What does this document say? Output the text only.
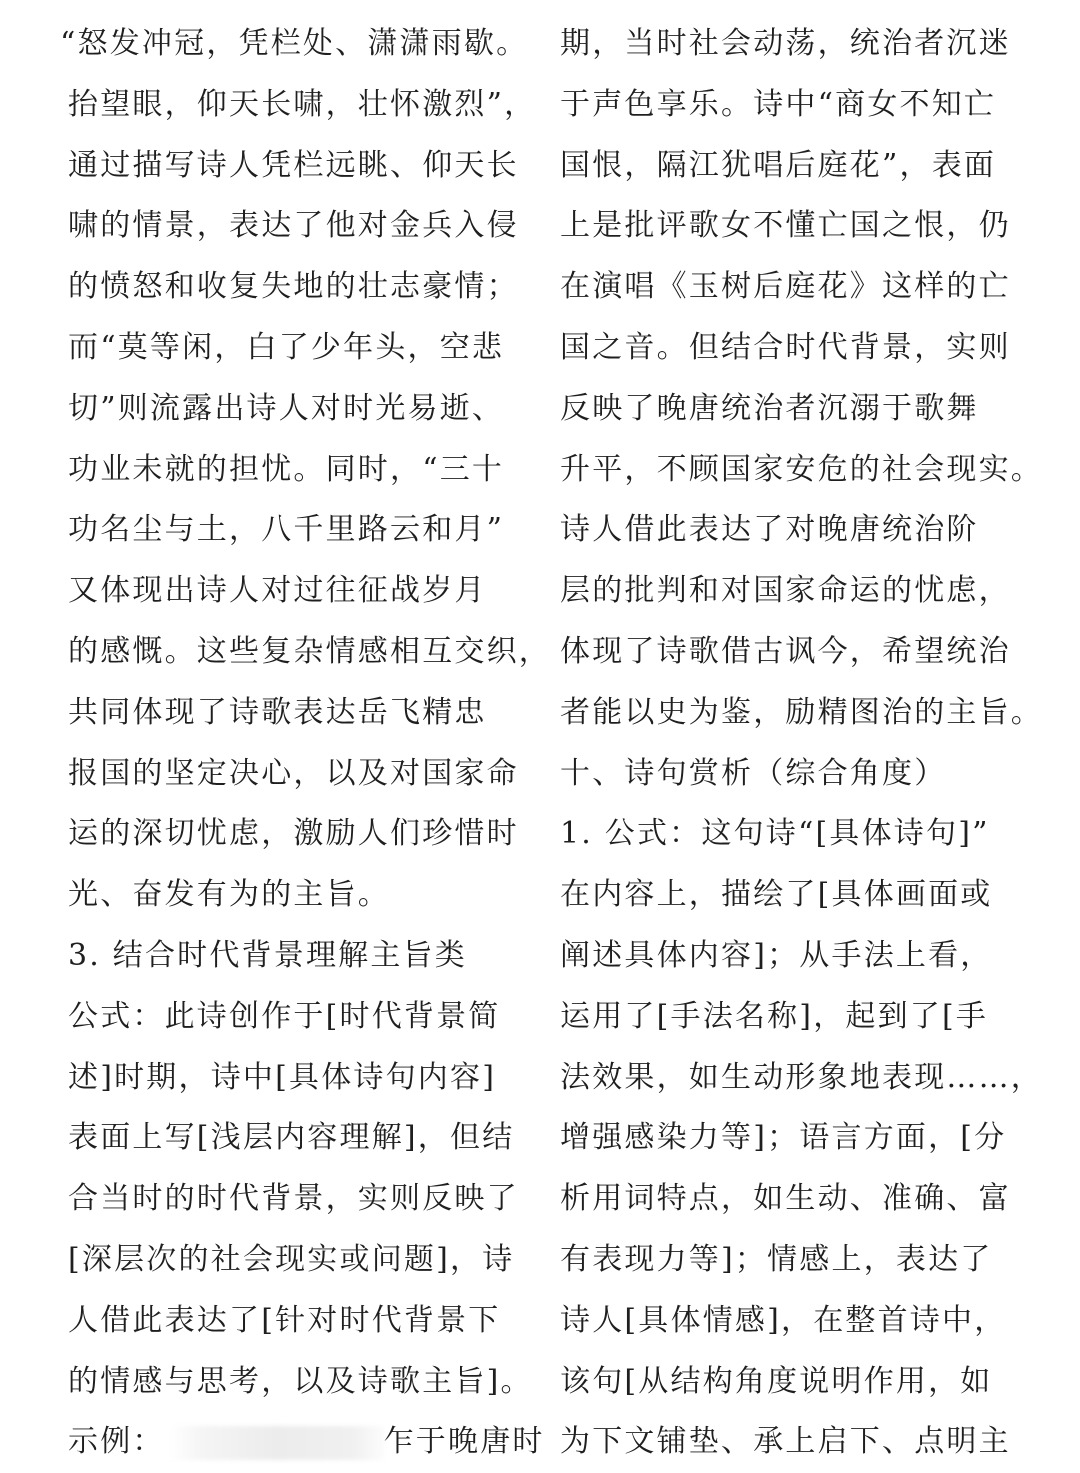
“怒发冲冠，凭栏处、潇潇雨歇。
抬望眼，仰天长啸，壮怀激烈”，
通过描写诗人凭栏远眺、仰天长
啸的情景，表达了他对金兵入侵
的愤怒和收复失地的壮志豪情；
而“莫等闲，白了少年头，空悲
切”则流露出诗人对时光易逝、
功业未就的担忧。同时，“三十
功名尘与土，八千里路云和月”
又体现出诗人对过往征战岁月
的感慨。这些复杂情感相互交织，
共同体现了诗歌表达岳飞精忠
报国的坚定决心，以及对国家命
运的深切忧虑，激励人们珍惜时
光、奋发有为的主旨。
3. 结合时代背景理解主旨类
公式：此诗创作于[时代背景简
述]时期，诗中[具体诗句内容]
表面上写[浅层内容理解]，但结
合当时的时代背景，实则反映了
[深层次的社会现实或问题]，诗
人借此表达了[针对时代背景下
的情感与思考，以及诗歌主旨]。
示例：	乍于晚唐时
期，当时社会动荡，统治者沉迷
于声色享乐。诗中“商女不知亡
国恨，隔江犹唱后庭花”，表面
上是批评歌女不懂亡国之恨，仍
在演唱《玉树后庭花》这样的亡
国之音。但结合时代背景，实则
反映了晚唐统治者沉溺于歌舞
升平，不顾国家安危的社会现实。
诗人借此表达了对晚唐统治阶
层的批判和对国家命运的忧虑，
体现了诗歌借古讽今，希望统治
者能以史为鉴，励精图治的主旨。
十、诗句赏析（综合角度）
1. 公式：这句诗“[具体诗句]”
在内容上，描绘了[具体画面或
阐述具体内容]；从手法上看，
运用了[手法名称]，起到了[手
法效果，如生动形象地表现……，
增强感染力等]；语言方面，[分
析用词特点，如生动、准确、富
有表现力等]；情感上，表达了
诗人[具体情感]，在整首诗中，
该句[从结构角度说明作用，如
为下文铺垫、承上启下、点明主
